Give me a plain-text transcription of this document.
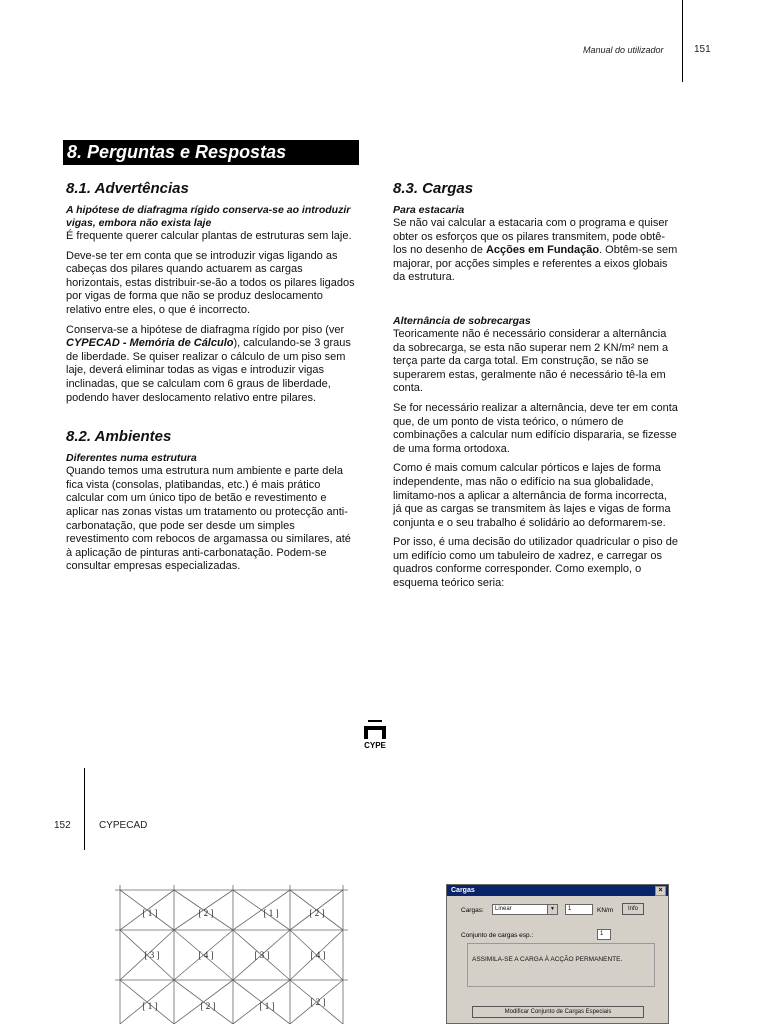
Manual do utilizador	151
8. Perguntas e Respostas
8.1. Advertências
A hipótese de diafragma rígido conserva-se ao introduzir vigas, embora não exista laje

É frequente querer calcular plantas de estruturas sem laje.

Deve-se ter em conta que se introduzir vigas ligando as cabeças dos pilares quando actuarem as cargas horizontais, estas distribuir-se-ão a todos os pilares ligados por vigas de forma que não se produz deslocamento relativo entre eles, o que é incorrecto.

Conserva-se a hipótese de diafragma rígido por piso (ver CYPECAD - Memória de Cálculo), calculando-se 3 graus de liberdade. Se quiser realizar o cálculo de um piso sem laje, deverá eliminar todas as vigas e introduzir vigas inclinadas, que se calculam com 6 graus de liberdade, podendo haver deslocamento relativo entre pilares.

8.2. Ambientes
Diferentes numa estrutura

Quando temos uma estrutura num ambiente e parte dela fica vista (consolas, platibandas, etc.) é mais prático calcular com um único tipo de betão e revestimento e aplicar nas zonas vistas um tratamento ou protecção anti-carbonatação, que pode ser desde um simples revestimento com rebocos de argamassa ou similares, até à aplicação de pinturas anti-carbonatação. Podem-se consultar empresas especializadas.

8.3. Cargas
Para estacaria

Se não vai calcular a estacaria com o programa e quiser obter os esforços que os pilares transmitem, pode obtê-los no desenho de Acções em Fundação. Obtêm-se sem majorar, por acções simples e referentes a eixos globais da estrutura.

Alternância de sobrecargas

Teoricamente não é necessário considerar a alternância da sobrecarga, se esta não superar nem 2 KN/m² nem a terça parte da carga total. Em construção, se não se superarem estas, geralmente não é necessário tê-la em conta.

Se for necessário realizar a alternância, deve ter em conta que, de um ponto de vista teórico, o número de combinações a calcular num edifício dispararia, se fizesse de uma forma ortodoxa.

Como é mais comum calcular pórticos e lajes de forma independente, mas não o edifício na sua globalidade, limitamo-nos a aplicar a alternância de forma incorrecta, já que as cargas se transmitem às lajes e vigas de forma conjunta e o seu trabalho é solidário ao deformarem-se.

Por isso, é uma decisão do utilizador quadricular o piso de um edifício como um tabuleiro de xadrez, e carregar os quadros conforme corresponder. Como exemplo, o esquema teórico seria:

CYPE
152	CYPECAD
[ 1 ]	[ 2 ]	[ 1 ]	[ 2 ]
[ 3 ]	[ 4 ]	[ 3 ]	[ 4 ]
[ 1 ]	[ 2 ]	[ 1 ]	[ 2 ]
Cargas	×
Cargas:	Linear	▼	1	KN/m	Info
Conjunto de cargas esp.:	1
ASSIMILA-SE A CARGA À ACÇÃO PERMANENTE.
Modificar Conjunto de Cargas Especiais
